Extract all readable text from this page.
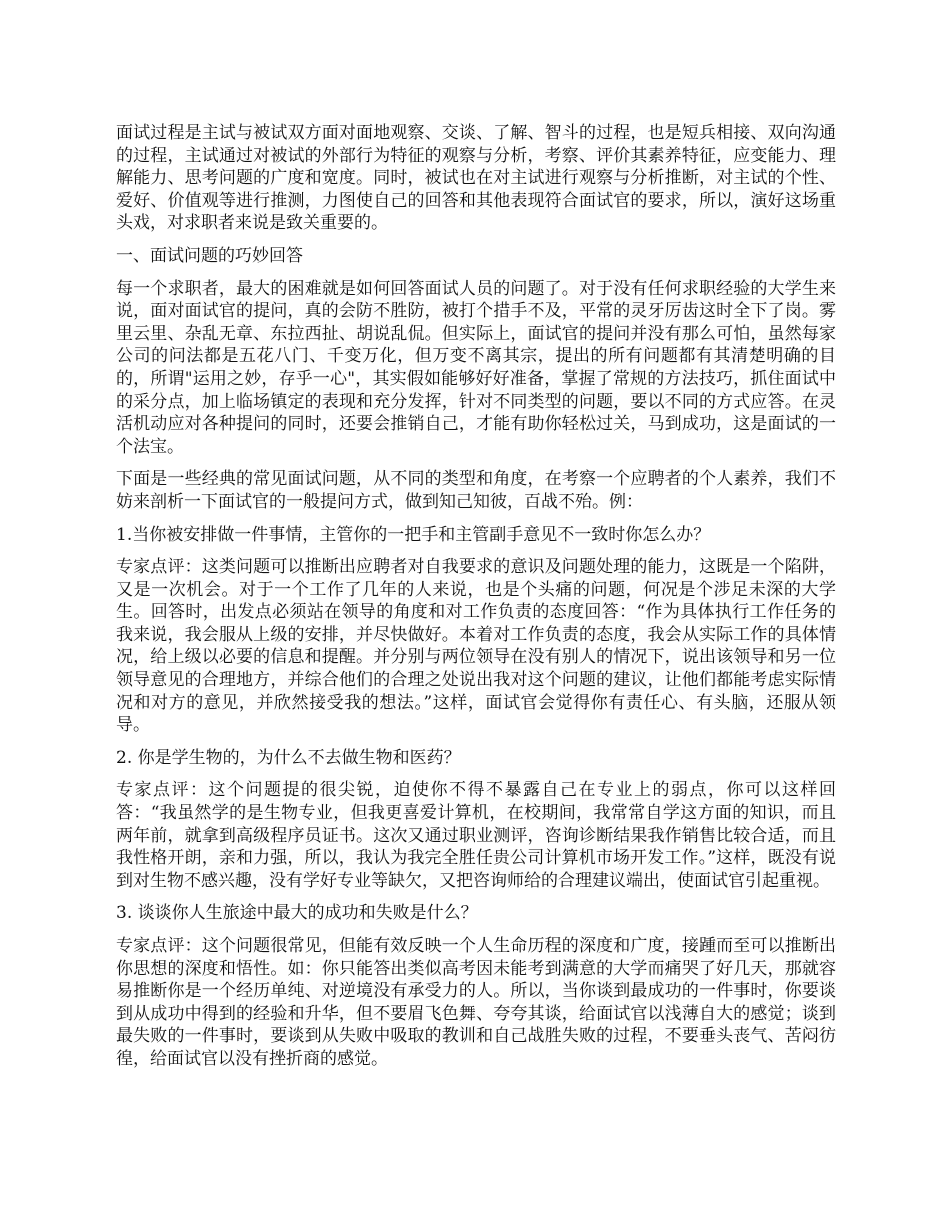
面试过程是主试与被试双方面对面地观察、交谈、了解、智斗的过程，也是短兵相接、双向沟通的过程，主试通过对被试的外部行为特征的观察与分析，考察、评价其素养特征，应变能力、理解能力、思考问题的广度和宽度。同时，被试也在对主试进行观察与分析推断，对主试的个性、爱好、价值观等进行推测，力图使自己的回答和其他表现符合面试官的要求，所以，演好这场重头戏，对求职者来说是致关重要的。

一、面试问题的巧妙回答

每一个求职者，最大的困难就是如何回答面试人员的问题了。对于没有任何求职经验的大学生来说，面对面试官的提问，真的会防不胜防，被打个措手不及，平常的灵牙厉齿这时全下了岗。雾里云里、杂乱无章、东拉西扯、胡说乱侃。但实际上，面试官的提问并没有那么可怕，虽然每家公司的问法都是五花八门、千变万化，但万变不离其宗，提出的所有问题都有其清楚明确的目的，所谓"运用之妙，存乎一心"，其实假如能够好好准备，掌握了常规的方法技巧，抓住面试中的采分点，加上临场镇定的表现和充分发挥，针对不同类型的问题，要以不同的方式应答。在灵活机动应对各种提问的同时，还要会推销自己，才能有助你轻松过关，马到成功，这是面试的一个法宝。

下面是一些经典的常见面试问题，从不同的类型和角度，在考察一个应聘者的个人素养，我们不妨来剖析一下面试官的一般提问方式，做到知己知彼，百战不殆。例：

1.当你被安排做一件事情，主管你的一把手和主管副手意见不一致时你怎么办？

专家点评：这类问题可以推断出应聘者对自我要求的意识及问题处理的能力，这既是一个陷阱，又是一次机会。对于一个工作了几年的人来说，也是个头痛的问题，何况是个涉足未深的大学生。回答时，出发点必须站在领导的角度和对工作负责的态度回答：“作为具体执行工作任务的我来说，我会服从上级的安排，并尽快做好。本着对工作负责的态度，我会从实际工作的具体情况，给上级以必要的信息和提醒。并分别与两位领导在没有别人的情况下，说出该领导和另一位领导意见的合理地方，并综合他们的合理之处说出我对这个问题的建议，让他们都能考虑实际情况和对方的意见，并欣然接受我的想法。”这样，面试官会觉得你有责任心、有头脑，还服从领导。

2. 你是学生物的，为什么不去做生物和医药？

专家点评：这个问题提的很尖锐，迫使你不得不暴露自己在专业上的弱点，你可以这样回答：“我虽然学的是生物专业，但我更喜爱计算机，在校期间，我常常自学这方面的知识，而且两年前，就拿到高级程序员证书。这次又通过职业测评，咨询诊断结果我作销售比较合适，而且我性格开朗，亲和力强，所以，我认为我完全胜任贵公司计算机市场开发工作。”这样，既没有说到对生物不感兴趣，没有学好专业等缺欠，又把咨询师给的合理建议端出，使面试官引起重视。

3. 谈谈你人生旅途中最大的成功和失败是什么？

专家点评：这个问题很常见，但能有效反映一个人生命历程的深度和广度，接踵而至可以推断出你思想的深度和悟性。如：你只能答出类似高考因未能考到满意的大学而痛哭了好几天，那就容易推断你是一个经历单纯、对逆境没有承受力的人。所以，当你谈到最成功的一件事时，你要谈到从成功中得到的经验和升华，但不要眉飞色舞、夸夸其谈，给面试官以浅薄自大的感觉；谈到最失败的一件事时，要谈到从失败中吸取的教训和自己战胜失败的过程，不要垂头丧气、苦闷彷徨，给面试官以没有挫折商的感觉。
